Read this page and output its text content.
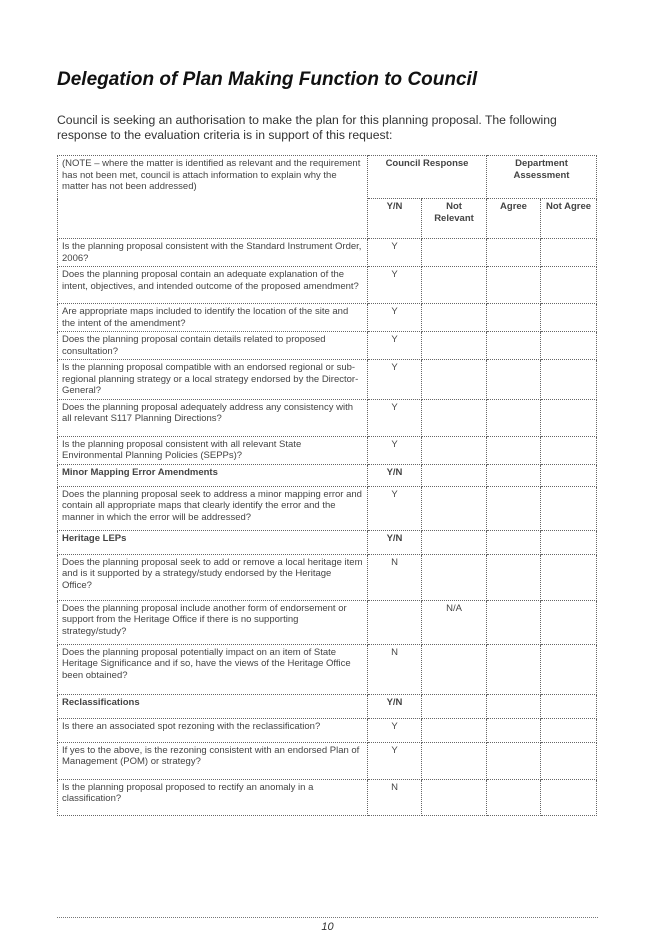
Delegation of Plan Making Function to Council

Council is seeking an authorisation to make the plan for this planning proposal. The following response to the evaluation criteria is in support of this request:

(NOTE – where the matter is identified as relevant and the requirement has not been met, council is attach information to explain why the matter has not been addressed)	Council Response		Department Assessment	
	Y/N	Not Relevant	Agree	Not Agree
Is the planning proposal consistent with the Standard Instrument Order, 2006?	Y			
Does the planning proposal contain an adequate explanation of the intent, objectives, and intended outcome of the proposed amendment?	Y			
Are appropriate maps included to identify the location of the site and the intent of the amendment?	Y			
Does the planning proposal contain details related to proposed consultation?	Y			
Is the planning proposal compatible with an endorsed regional or sub-regional planning strategy or a local strategy endorsed by the Director-General?	Y			
Does the planning proposal adequately address any consistency with all relevant S117 Planning Directions?	Y			
Is the planning proposal consistent with all relevant State Environmental Planning Policies (SEPPs)?	Y			
Minor Mapping Error Amendments	Y/N			
Does the planning proposal seek to address a minor mapping error and contain all appropriate maps that clearly identify the error and the manner in which the error will be addressed?	Y			
Heritage LEPs	Y/N			
Does the planning proposal seek to add or remove a local heritage item and is it supported by a strategy/study endorsed by the Heritage Office?	N			
Does the planning proposal include another form of endorsement or support from the Heritage Office if there is no supporting strategy/study?		N/A		
Does the planning proposal potentially impact on an item of State Heritage Significance and if so, have the views of the Heritage Office been obtained?	N			
Reclassifications	Y/N			
Is there an associated spot rezoning with the reclassification?	Y			
If yes to the above, is the rezoning consistent with an endorsed Plan of Management (POM) or strategy?	Y			
Is the planning proposal proposed to rectify an anomaly in a classification?	N			
10
